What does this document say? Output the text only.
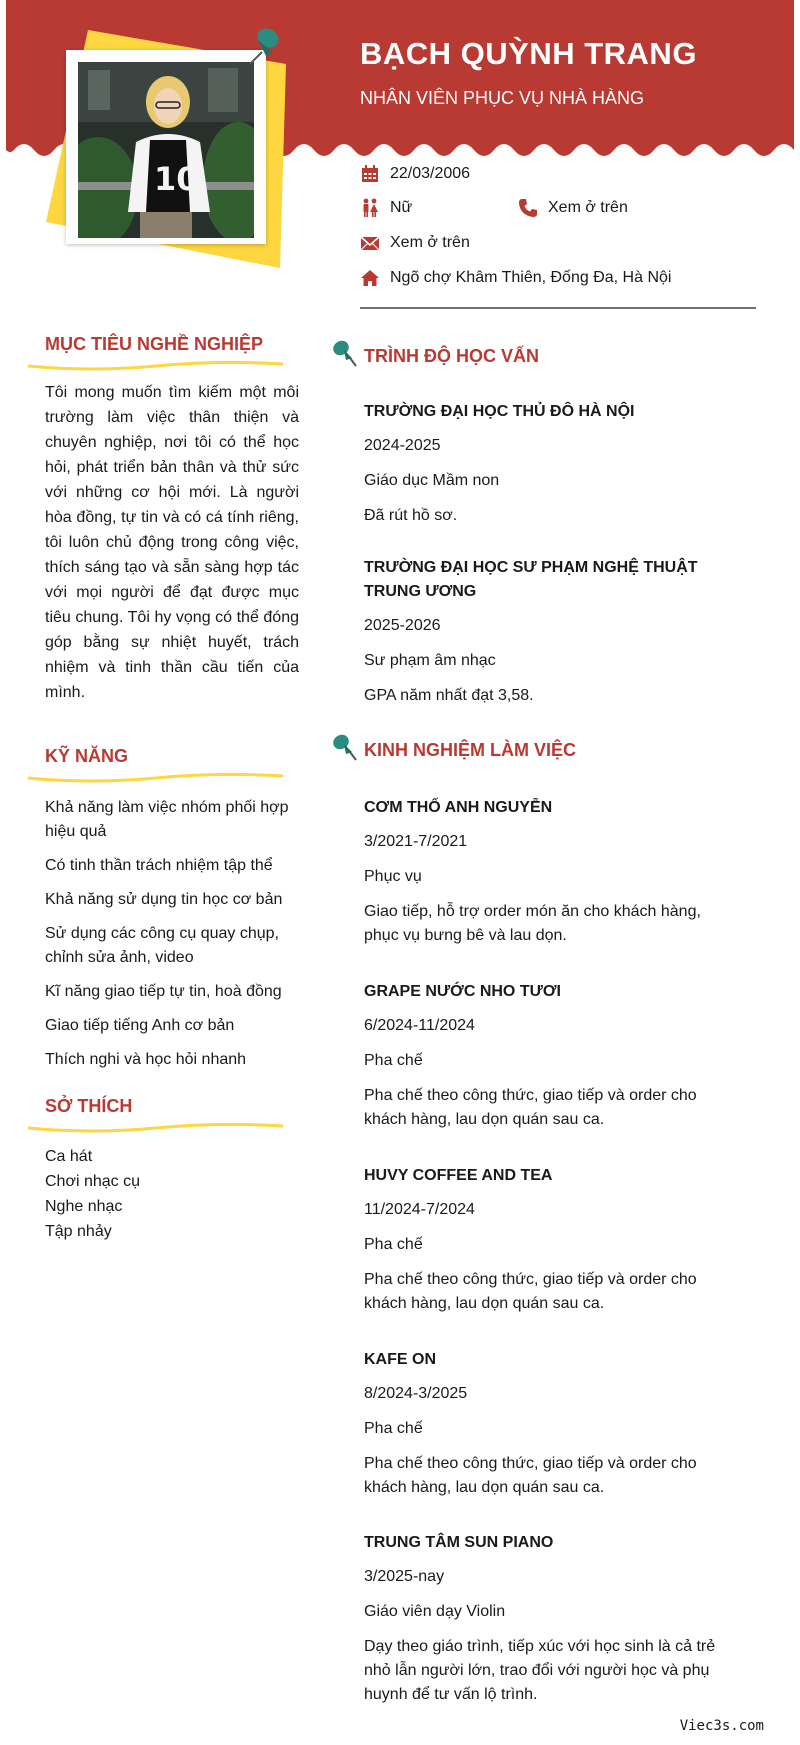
BẠCH QUỲNH TRANG
NHÂN VIÊN PHỤC VỤ NHÀ HÀNG
10	22/03/2006
Nữ	Xem ở trên
Xem ở trên
Ngõ chợ Khâm Thiên, Đống Đa, Hà Nội
MỤC TIÊU NGHỀ NGHIỆP
Tôi mong muốn tìm kiếm một môi trường làm việc thân thiện và chuyên nghiệp, nơi tôi có thể học hỏi, phát triển bản thân và thử sức với những cơ hội mới. Là người hòa đồng, tự tin và có cá tính riêng, tôi luôn chủ động trong công việc, thích sáng tạo và sẵn sàng hợp tác với mọi người để đạt được mục tiêu chung. Tôi hy vọng có thể đóng góp bằng sự nhiệt huyết, trách nhiệm và tinh thần cầu tiến của mình.
KỸ NĂNG
Khả năng làm việc nhóm phối hợp hiệu quả
Có tinh thần trách nhiệm tập thể
Khả năng sử dụng tin học cơ bản
Sử dụng các công cụ quay chụp, chỉnh sửa ảnh, video
Kĩ năng giao tiếp tự tin, hoà đồng
Giao tiếp tiếng Anh cơ bản
Thích nghi và học hỏi nhanh
SỞ THÍCH
Ca hát
Chơi nhạc cụ
Nghe nhạc
Tập nhảy
TRÌNH ĐỘ HỌC VẤN
TRƯỜNG ĐẠI HỌC THỦ ĐÔ HÀ NỘI
2024-2025
Giáo dục Mầm non
Đã rút hồ sơ.
TRƯỜNG ĐẠI HỌC SƯ PHẠM NGHỆ THUẬT TRUNG ƯƠNG
2025-2026
Sư phạm âm nhạc
GPA năm nhất đạt 3,58.
KINH NGHIỆM LÀM VIỆC
CƠM THỐ ANH NGUYỄN
3/2021-7/2021
Phục vụ
Giao tiếp, hỗ trợ order món ăn cho khách hàng, phục vụ bưng bê và lau dọn.
GRAPE NƯỚC NHO TƯƠI
6/2024-11/2024
Pha chế
Pha chế theo công thức, giao tiếp và order cho khách hàng, lau dọn quán sau ca.
HUVY COFFEE AND TEA
11/2024-7/2024
Pha chế
Pha chế theo công thức, giao tiếp và order cho khách hàng, lau dọn quán sau ca.
KAFE ON
8/2024-3/2025
Pha chế
Pha chế theo công thức, giao tiếp và order cho khách hàng, lau dọn quán sau ca.
TRUNG TÂM SUN PIANO
3/2025-nay
Giáo viên dạy Violin
Dạy theo giáo trình, tiếp xúc với học sinh là cả trẻ nhỏ lẫn người lớn, trao đổi với người học và phụ huynh để tư vấn lộ trình.
Viec3s.com
